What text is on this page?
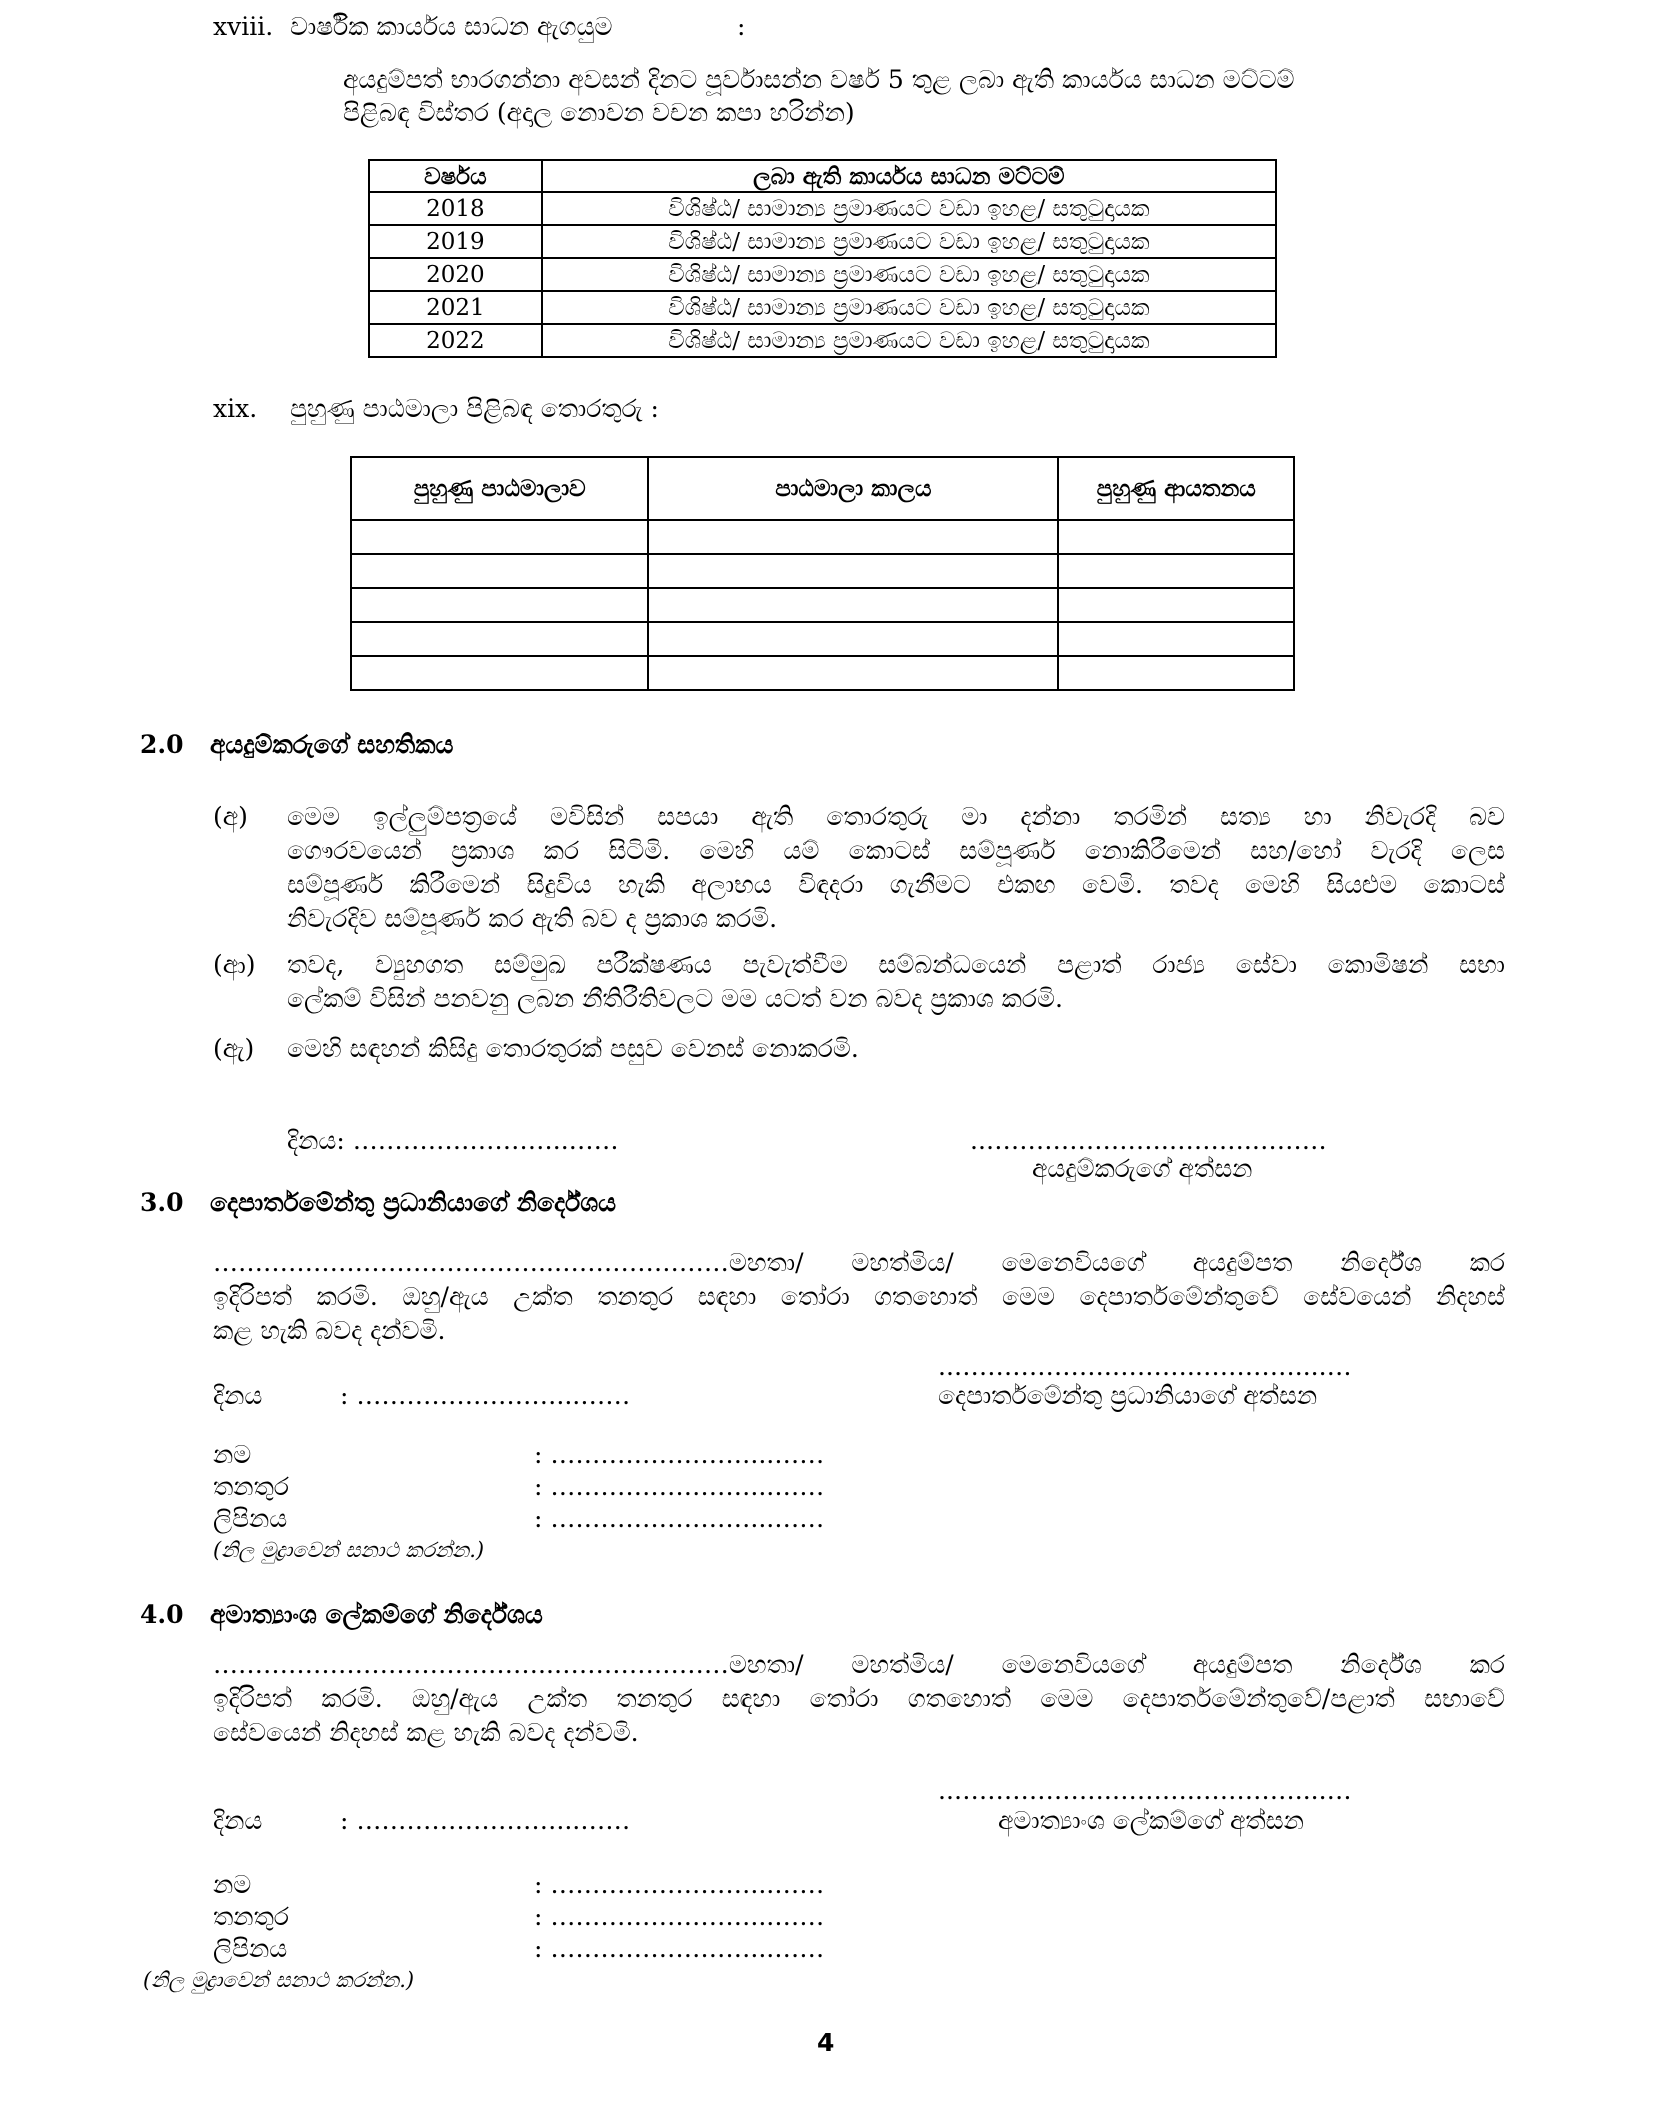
xviii. වාර්ෂික කාර්යය සාධන ඇගයුම	:
අයදුම්පත් භාරගන්නා අවසන් දිනට පූර්වාසන්න වර්ෂ 5 තුළ ලබා ඇති කාර්යය සාධන මට්ටම්
පිළිබඳ විස්තර (අදාල නොවන වචන කපා හරින්න)
වර්ෂය	ලබා ඇති කාර්යය සාධන මට්ටම්
2018	විශිෂ්ඨ/ සාමාන්‍ය ප්‍රමාණයට වඩා ඉහළ/ සතුටුදායක
2019	විශිෂ්ඨ/ සාමාන්‍ය ප්‍රමාණයට වඩා ඉහළ/ සතුටුදායක
2020	විශිෂ්ඨ/ සාමාන්‍ය ප්‍රමාණයට වඩා ඉහළ/ සතුටුදායක
2021	විශිෂ්ඨ/ සාමාන්‍ය ප්‍රමාණයට වඩා ඉහළ/ සතුටුදායක
2022	විශිෂ්ඨ/ සාමාන්‍ය ප්‍රමාණයට වඩා ඉහළ/ සතුටුදායක
xix. පුහුණු පාඨමාලා පිළිබඳ තොරතුරු :
පුහුණු පාඨමාලාව	පාඨමාලා කාලය	පුහුණු ආයතනය

2.0 අයදුම්කරුගේ සහතිකය
(අ) මෙම ඉල්ලුම්පත්‍රයේ මවිසින් සපයා ඇති තොරතුරු මා දන්නා තරමින් සත්‍ය හා නිවැරදි බව
ගෞරවයෙන් ප්‍රකාශ කර සිටිමි. මෙහි යම් කොටස් සම්පූර්ණ නොකිරීමෙන් සහ/හෝ වැරදි ලෙස
සම්පූර්ණ කිරීමෙන් සිදුවිය හැකි අලාභය විඳදරා ගැනීමට එකඟ වෙමි. තවද මෙහි සියළුම කොටස්
නිවැරදිව සම්පූර්ණ කර ඇති බව ද ප්‍රකාශ කරමි.
(ආ) තවද, ව්‍යුහගත සම්මුඛ පරීක්ෂණය පැවැත්වීම සම්බන්ධයෙන් පළාත් රාජ්‍ය සේවා කොමිෂන් සභා
ලේකම් විසින් පනවනු ලබන නීතිරීතිවලට මම යටත් වන බවද ප්‍රකාශ කරමි.
(ඇ) මෙහි සඳහන් කිසිදු තොරතුරක් පසුව වෙනස් නොකරමි.
දිනය: ……………………..……	..………………….……….………
අයදුම්කරුගේ අත්සන
3.0 දෙපාර්තමේන්තු ප්‍රධානියාගේ නිර්දේශය
…………………………………..…………………මහතා/ මහත්මිය/ මෙනෙවියගේ අයදුම්පත නිර්දේශ කර
ඉදිරිපත් කරමි. ඔහු/ඇය උක්ත තනතුර සඳහා තෝරා ගතහොත් මෙම දෙපාර්තමේන්තුවේ සේවයෙන් නිදහස්
කළ හැකි බවද දන්වමි.
..……………….……….…………....…
දිනය	: ……………………...……	දෙපාර්තමේන්තු ප්‍රධානියාගේ අත්සන
නම	: ……………………...……
තනතුර	: ……………………...……
ලිපිනය	: ……………………...……
(නිල මුද්‍රාවෙන් සනාථ කරන්න.)
4.0 අමාත්‍යාංශ ලේකම්ගේ නිර්දේශය
…………………………………..…………………මහතා/ මහත්මිය/ මෙනෙවියගේ අයදුම්පත නිර්දේශ කර
ඉදිරිපත් කරමි. ඔහු/ඇය උක්ත තනතුර සඳහා තෝරා ගතහොත් මෙම දෙපාර්තමේන්තුවේ/පළාත් සභාවේ
සේවයෙන් නිදහස් කළ හැකි බවද දන්වමි.
..……………….……….…………....…
දිනය	: ……………………...……	අමාත්‍යාංශ ලේකම්ගේ අත්සන
නම	: ……………………...……
තනතුර	: ……………………...……
ලිපිනය	: ……………………...……
(නිල මුද්‍රාවෙන් සනාථ කරන්න.)
4
